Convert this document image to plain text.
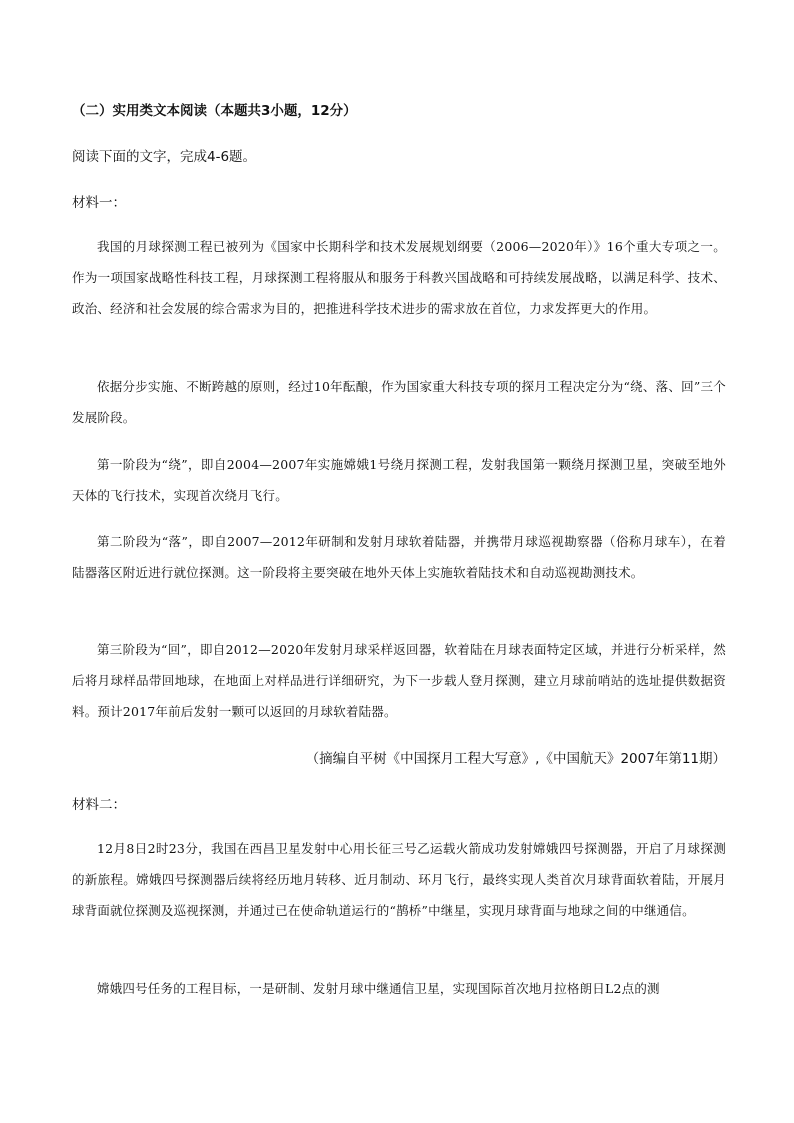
（二）实用类文本阅读（本题共3小题，12分）

阅读下面的文字，完成4-6题。

材料一：

我国的月球探测工程已被列为《国家中长期科学和技术发展规划纲要（2006—2020年）》16个重大专项之一。作为一项国家战略性科技工程，月球探测工程将服从和服务于科教兴国战略和可持续发展战略，以满足科学、技术、政治、经济和社会发展的综合需求为目的，把推进科学技术进步的需求放在首位，力求发挥更大的作用。

依据分步实施、不断跨越的原则，经过10年酝酿，作为国家重大科技专项的探月工程决定分为“绕、落、回”三个发展阶段。

第一阶段为“绕”，即自2004—2007年实施嫦娥1号绕月探测工程，发射我国第一颗绕月探测卫星，突破至地外天体的飞行技术，实现首次绕月飞行。

第二阶段为“落”，即自2007—2012年研制和发射月球软着陆器，并携带月球巡视勘察器（俗称月球车），在着陆器落区附近进行就位探测。这一阶段将主要突破在地外天体上实施软着陆技术和自动巡视勘测技术。

第三阶段为“回”，即自2012—2020年发射月球采样返回器，软着陆在月球表面特定区域，并进行分析采样，然后将月球样品带回地球，在地面上对样品进行详细研究，为下一步载人登月探测，建立月球前哨站的选址提供数据资料。预计2017年前后发射一颗可以返回的月球软着陆器。

（摘编自平树《中国探月工程大写意》,《中国航天》2007年第11期）

材料二：

12月8日2时23分，我国在西昌卫星发射中心用长征三号乙运载火箭成功发射嫦娥四号探测器，开启了月球探测的新旅程。嫦娥四号探测器后续将经历地月转移、近月制动、环月飞行，最终实现人类首次月球背面软着陆，开展月球背面就位探测及巡视探测，并通过已在使命轨道运行的“鹊桥”中继星，实现月球背面与地球之间的中继通信。

嫦娥四号任务的工程目标，一是研制、发射月球中继通信卫星，实现国际首次地月拉格朗日L2点的测
